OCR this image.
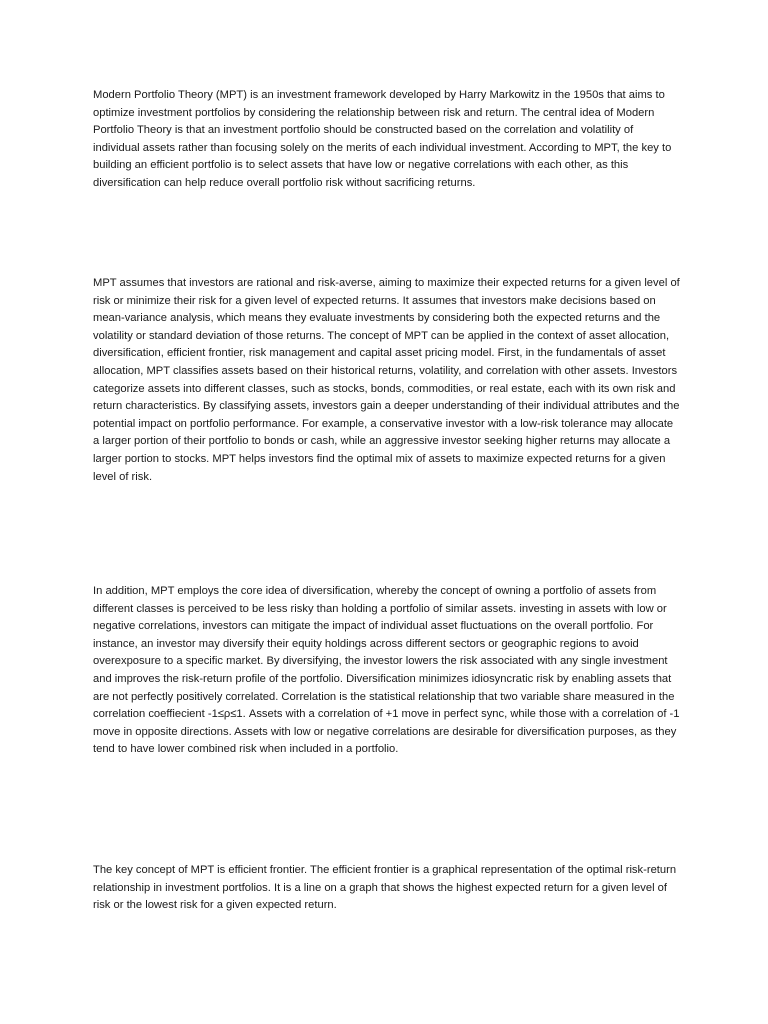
Modern Portfolio Theory (MPT) is an investment framework developed by Harry Markowitz in the 1950s that aims to optimize investment portfolios by considering the relationship between risk and return. The central idea of Modern Portfolio Theory is that an investment portfolio should be constructed based on the correlation and volatility of individual assets rather than focusing solely on the merits of each individual investment. According to MPT, the key to building an efficient portfolio is to select assets that have low or negative correlations with each other, as this diversification can help reduce overall portfolio risk without sacrificing returns.

MPT assumes that investors are rational and risk-averse, aiming to maximize their expected returns for a given level of risk or minimize their risk for a given level of expected returns. It assumes that investors make decisions based on mean-variance analysis, which means they evaluate investments by considering both the expected returns and the volatility or standard deviation of those returns. The concept of MPT can be applied in the context of asset allocation, diversification, efficient frontier, risk management and capital asset pricing model. First, in the fundamentals of asset allocation, MPT classifies assets based on their historical returns, volatility, and correlation with other assets. Investors categorize assets into different classes, such as stocks, bonds, commodities, or real estate, each with its own risk and return characteristics. By classifying assets, investors gain a deeper understanding of their individual attributes and the potential impact on portfolio performance. For example, a conservative investor with a low-risk tolerance may allocate a larger portion of their portfolio to bonds or cash, while an aggressive investor seeking higher returns may allocate a larger portion to stocks. MPT helps investors find the optimal mix of assets to maximize expected returns for a given level of risk.

In addition, MPT employs the core idea of diversification, whereby the concept of owning a portfolio of assets from different classes is perceived to be less risky than holding a portfolio of similar assets. investing in assets with low or negative correlations, investors can mitigate the impact of individual asset fluctuations on the overall portfolio. For instance, an investor may diversify their equity holdings across different sectors or geographic regions to avoid overexposure to a specific market. By diversifying, the investor lowers the risk associated with any single investment and improves the risk-return profile of the portfolio. Diversification minimizes idiosyncratic risk by enabling assets that are not perfectly positively correlated. Correlation is the statistical relationship that two variable share measured in the correlation coeffiecient -1≤ρ≤1. Assets with a correlation of +1 move in perfect sync, while those with a correlation of -1 move in opposite directions. Assets with low or negative correlations are desirable for diversification purposes, as they tend to have lower combined risk when included in a portfolio.

The key concept of MPT is efficient frontier. The efficient frontier is a graphical representation of the optimal risk-return relationship in investment portfolios. It is a line on a graph that shows the highest expected return for a given level of risk or the lowest risk for a given expected return.
